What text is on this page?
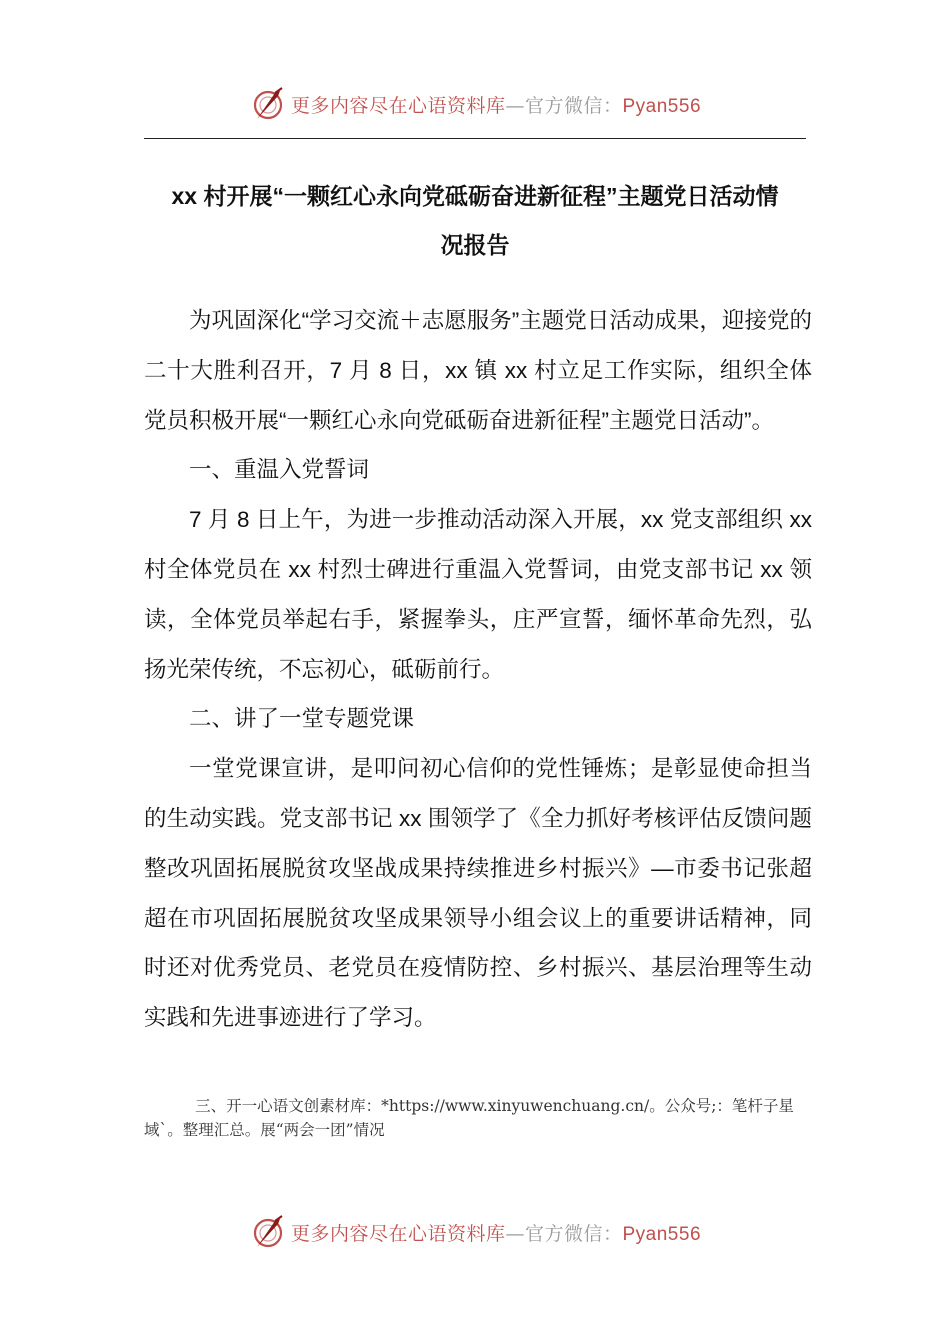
更多内容尽在心语资料库—官方微信：Pyan556
xx 村开展“一颗红心永向党砥砺奋进新征程”主题党日活动情
况报告

为巩固深化“学习交流＋志愿服务”主题党日活动成果，迎接党的二十大胜利召开，7 月 8 日，xx 镇 xx 村立足工作实际，组织全体党员积极开展“一颗红心永向党砥砺奋进新征程”主题党日活动”。

一、重温入党誓词

7 月 8 日上午，为进一步推动活动深入开展，xx 党支部组织 xx 村全体党员在 xx 村烈士碑进行重温入党誓词，由党支部书记 xx 领读，全体党员举起右手，紧握拳头，庄严宣誓，缅怀革命先烈，弘扬光荣传统，不忘初心，砥砺前行。

二、讲了一堂专题党课

一堂党课宣讲，是叩问初心信仰的党性锤炼；是彰显使命担当的生动实践。党支部书记 xx 围领学了《全力抓好考核评估反馈问题整改巩固拓展脱贫攻坚战成果持续推进乡村振兴》—市委书记张超超在市巩固拓展脱贫攻坚成果领导小组会议上的重要讲话精神，同时还对优秀党员、老党员在疫情防控、乡村振兴、基层治理等生动实践和先进事迹进行了学习。

三、开一心语文创素材库：*https://www.xinyuwenchuang.cn/。公众号;：笔杆子星域`。整理汇总。展“两会一团”情况
更多内容尽在心语资料库—官方微信：Pyan556
